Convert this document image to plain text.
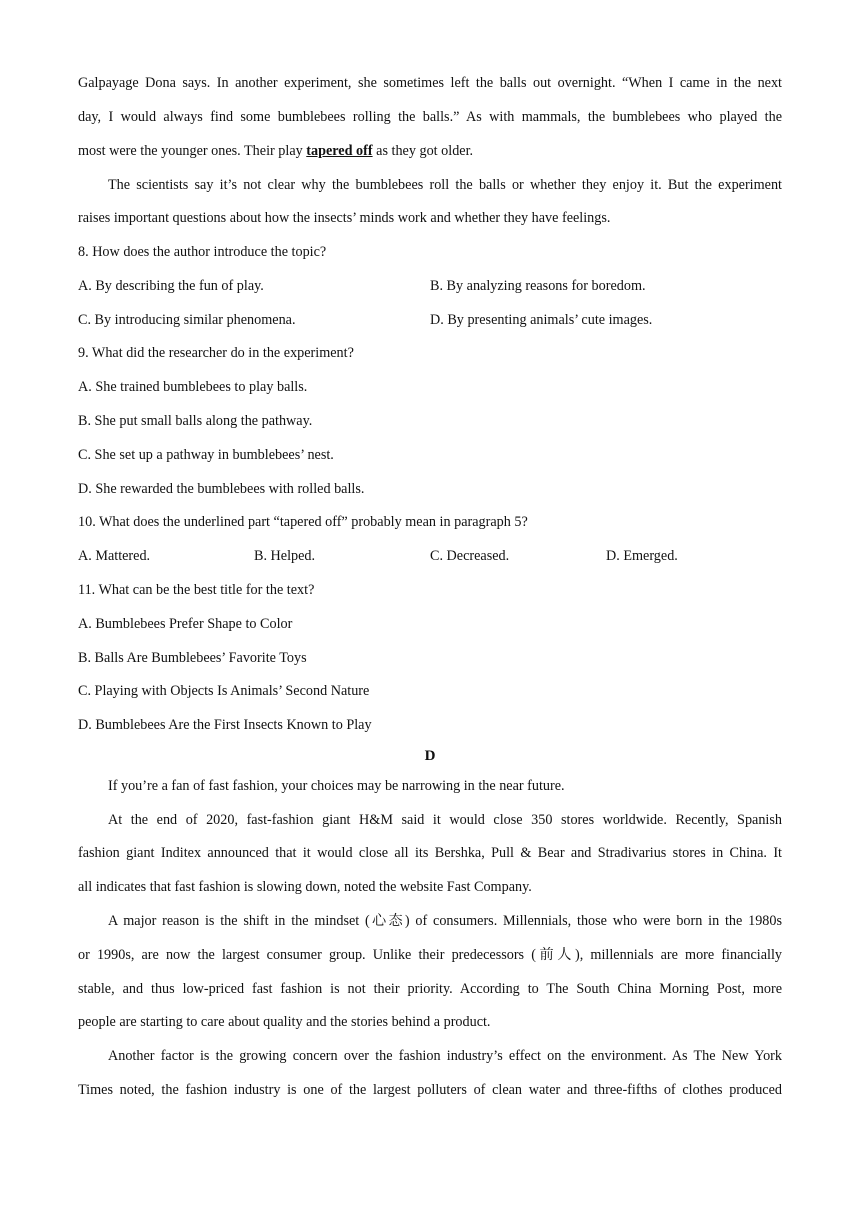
Galpayage Dona says. In another experiment, she sometimes left the balls out overnight. “When I came in the next
day, I would always find some bumblebees rolling the balls.” As with mammals, the bumblebees who played the
most were the younger ones. Their play tapered off as they got older.
The scientists say it’s not clear why the bumblebees roll the balls or whether they enjoy it. But the experiment
raises important questions about how the insects’ minds work and whether they have feelings.
8. How does the author introduce the topic?
A. By describing the fun of play.	B. By analyzing reasons for boredom.
C. By introducing similar phenomena.	D. By presenting animals’ cute images.
9. What did the researcher do in the experiment?
A. She trained bumblebees to play balls.
B. She put small balls along the pathway.
C. She set up a pathway in bumblebees’ nest.
D. She rewarded the bumblebees with rolled balls.
10. What does the underlined part “tapered off” probably mean in paragraph 5?
A. Mattered.	B. Helped.	C. Decreased.	D. Emerged.
11. What can be the best title for the text?
A. Bumblebees Prefer Shape to Color
B. Balls Are Bumblebees’ Favorite Toys
C. Playing with Objects Is Animals’ Second Nature
D. Bumblebees Are the First Insects Known to Play
D
If you’re a fan of fast fashion, your choices may be narrowing in the near future.
At the end of 2020, fast-fashion giant H&M said it would close 350 stores worldwide. Recently, Spanish
fashion giant Inditex announced that it would close all its Bershka, Pull & Bear and Stradivarius stores in China. It
all indicates that fast fashion is slowing down, noted the website Fast Company.
A major reason is the shift in the mindset (心态) of consumers. Millennials, those who were born in the 1980s
or 1990s, are now the largest consumer group. Unlike their predecessors (前人), millennials are more financially
stable, and thus low-priced fast fashion is not their priority. According to The South China Morning Post, more
people are starting to care about quality and the stories behind a product.
Another factor is the growing concern over the fashion industry’s effect on the environment. As The New York
Times noted, the fashion industry is one of the largest polluters of clean water and three-fifths of clothes produced
